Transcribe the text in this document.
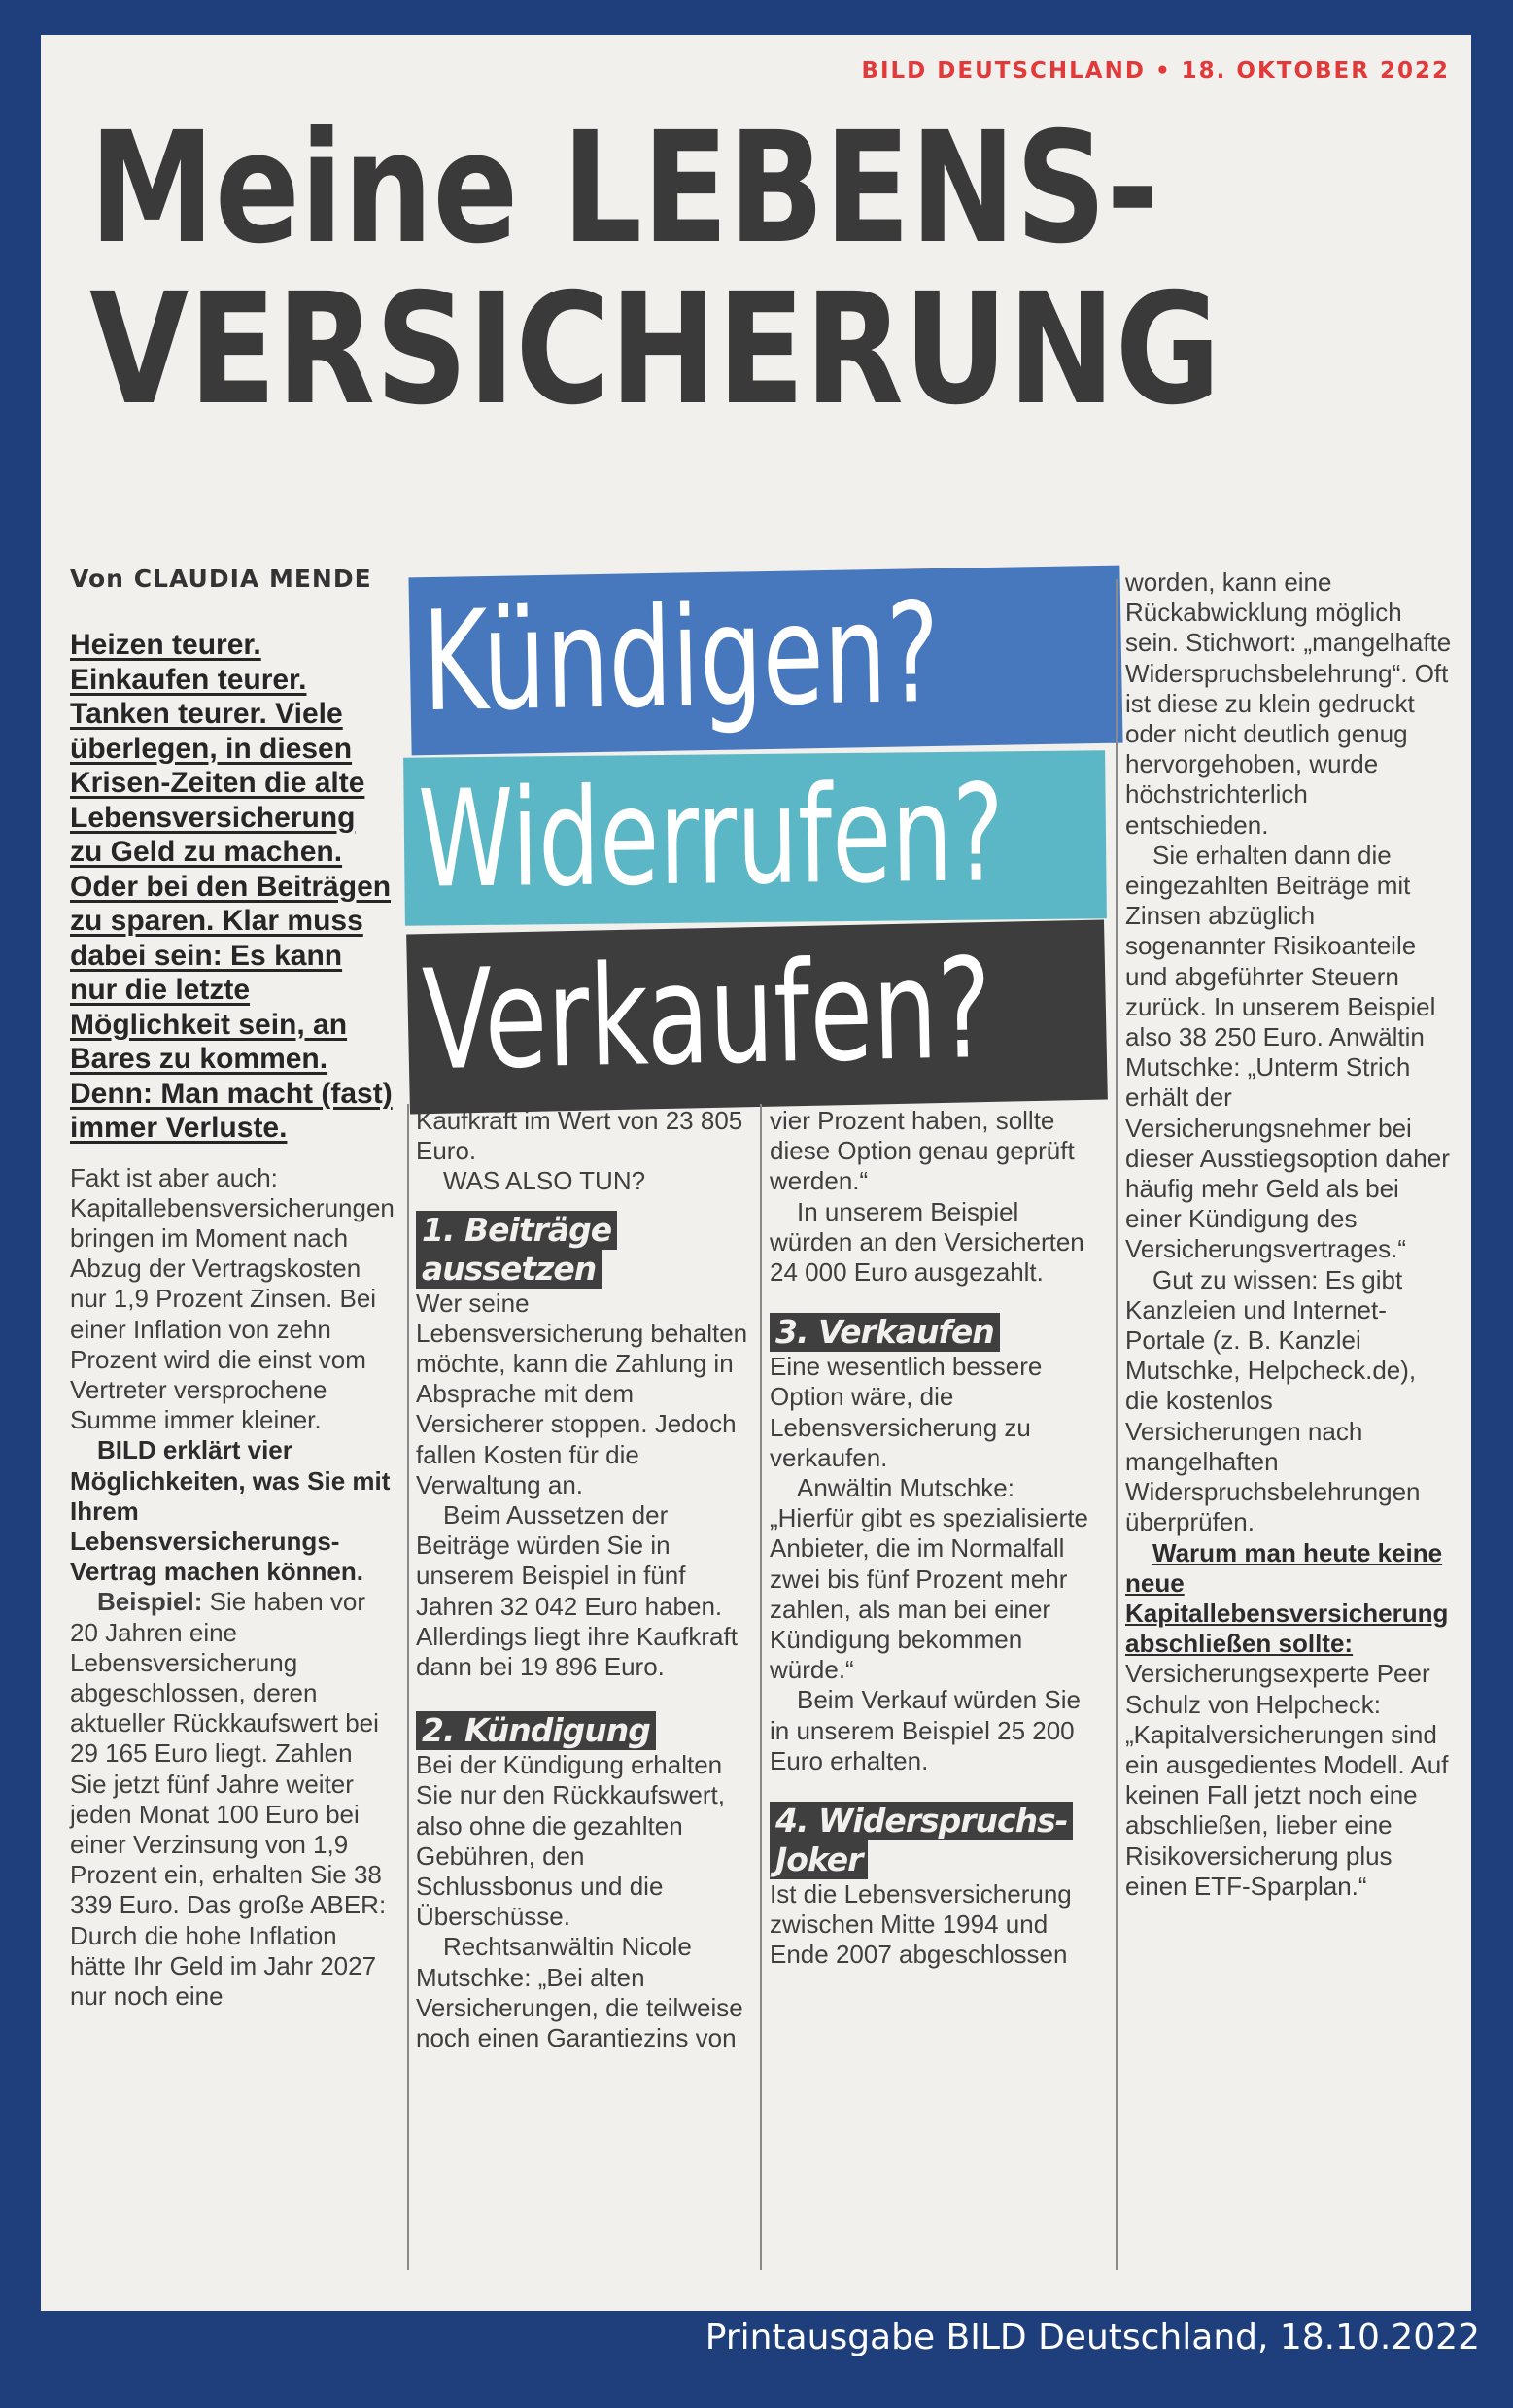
BILD DEUTSCHLAND • 18. OKTOBER 2022
Meine LEBENS-
VERSICHERUNG
Von CLAUDIA MENDE Kündigen?
Widerrufen?
Verkaufen?

Heizen teurer. Einkaufen teurer. Tanken teurer. Viele überlegen, in diesen Krisen-Zeiten die alte Lebensversicherung zu Geld zu machen. Oder bei den Beiträgen zu sparen. Klar muss dabei sein: Es kann nur die letzte Möglichkeit sein, an Bares zu kommen. Denn: Man macht (fast) immer Verluste.

Fakt ist aber auch: Kapitallebensversicherungen bringen im Moment nach Abzug der Vertragskosten nur 1,9 Prozent Zinsen. Bei einer Inflation von zehn Prozent wird die einst vom Vertreter versprochene Summe immer kleiner.

BILD erklärt vier Möglichkeiten, was Sie mit Ihrem Lebensversicherungs-Vertrag machen können.

Beispiel: Sie haben vor 20 Jahren eine Lebensversicherung abgeschlossen, deren aktueller Rückkaufswert bei 29 165 Euro liegt. Zahlen Sie jetzt fünf Jahre weiter jeden Monat 100 Euro bei einer Verzinsung von 1,9 Prozent ein, erhalten Sie 38 339 Euro. Das große ABER: Durch die hohe Inflation hätte Ihr Geld im Jahr 2027 nur noch eine

Kaufkraft im Wert von 23 805 Euro.

WAS ALSO TUN?

1. Beiträge
aussetzen

Wer seine Lebensversicherung behalten möchte, kann die Zahlung in Absprache mit dem Versicherer stoppen. Jedoch fallen Kosten für die Verwaltung an.

Beim Aussetzen der Beiträge würden Sie in unserem Beispiel in fünf Jahren 32 042 Euro haben. Allerdings liegt ihre Kaufkraft dann bei 19 896 Euro.

2. Kündigung

Bei der Kündigung erhalten Sie nur den Rückkaufswert, also ohne die gezahlten Gebühren, den Schlussbonus und die Überschüsse.

Rechtsanwältin Nicole Mutschke: „Bei alten Versicherungen, die teilweise noch einen Garantiezins von

vier Prozent haben, sollte diese Option genau geprüft werden.“

In unserem Beispiel würden an den Versicherten 24 000 Euro ausgezahlt.

3. Verkaufen

Eine wesentlich bessere Option wäre, die Lebensversicherung zu verkaufen.

Anwältin Mutschke: „Hierfür gibt es spezialisierte Anbieter, die im Normalfall zwei bis fünf Prozent mehr zahlen, als man bei einer Kündigung bekommen würde.“

Beim Verkauf würden Sie in unserem Beispiel 25 200 Euro erhalten.

4. Widerspruchs-
Joker

Ist die Lebensversicherung zwischen Mitte 1994 und Ende 2007 abgeschlossen

worden, kann eine Rückabwicklung möglich sein. Stichwort: „mangelhafte Widerspruchsbelehrung“. Oft ist diese zu klein gedruckt oder nicht deutlich genug hervorgehoben, wurde höchstrichterlich entschieden.

Sie erhalten dann die eingezahlten Beiträge mit Zinsen abzüglich sogenannter Risikoanteile und abgeführter Steuern zurück. In unserem Beispiel also 38 250 Euro. Anwältin Mutschke: „Unterm Strich erhält der Versicherungsnehmer bei dieser Ausstiegsoption daher häufig mehr Geld als bei einer Kündigung des Versicherungsvertrages.“

Gut zu wissen: Es gibt Kanzleien und Internet-Portale (z. B. Kanzlei Mutschke, Helpcheck.de), die kostenlos Versicherungen nach mangelhaften Widerspruchsbelehrungen überprüfen.

Warum man heute keine neue Kapitallebensversicherung abschließen sollte:

Versicherungsexperte Peer Schulz von Helpcheck: „Kapitalversicherungen sind ein ausgedientes Modell. Auf keinen Fall jetzt noch eine abschließen, lieber eine Risikoversicherung plus einen ETF-Sparplan.“

Printausgabe BILD Deutschland, 18.10.2022
